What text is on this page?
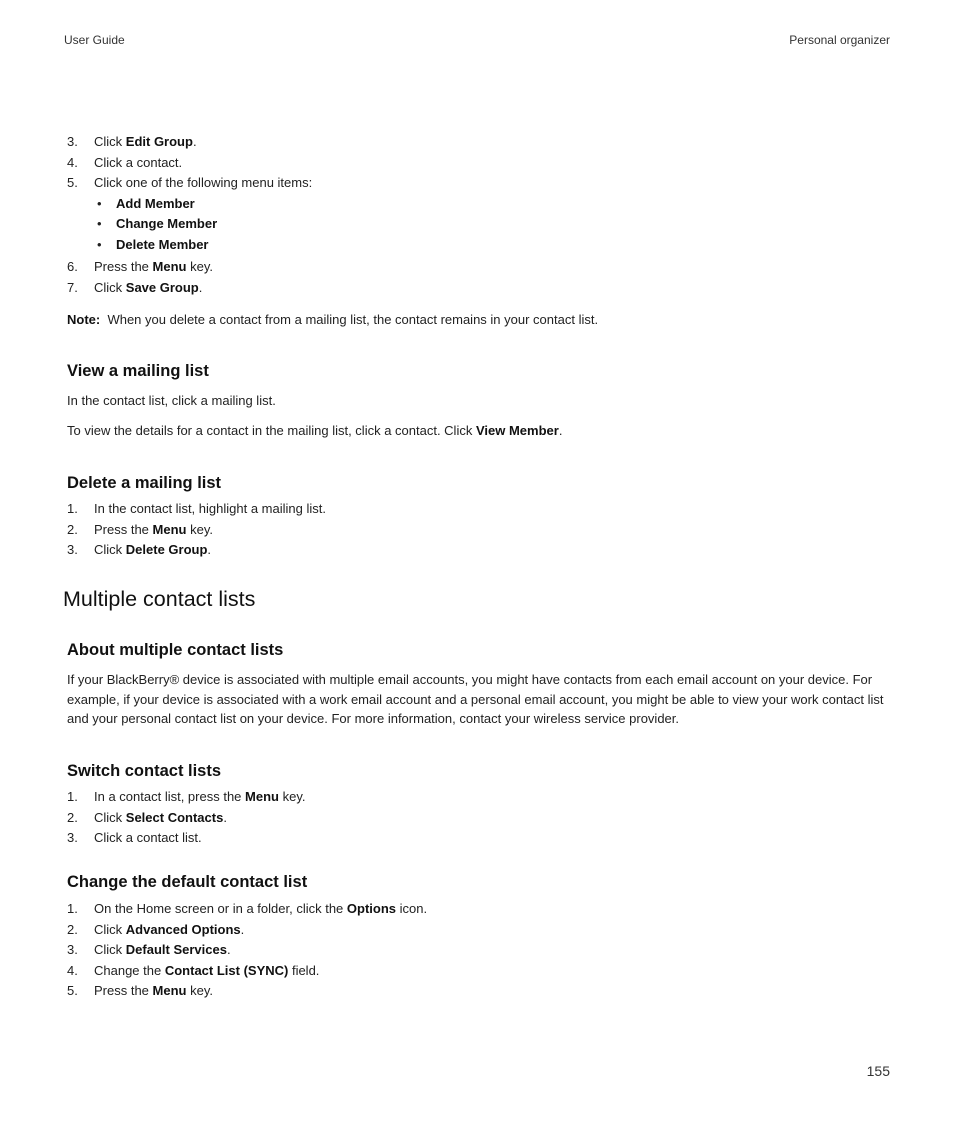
User Guide	Personal organizer
3. Click Edit Group.
4. Click a contact.
5. Click one of the following menu items:
• Add Member
• Change Member
• Delete Member
6. Press the Menu key.
7. Click Save Group.

Note: When you delete a contact from a mailing list, the contact remains in your contact list.

View a mailing list

In the contact list, click a mailing list.

To view the details for a contact in the mailing list, click a contact. Click View Member.

Delete a mailing list
1. In the contact list, highlight a mailing list.
2. Press the Menu key.
3. Click Delete Group.
Multiple contact lists
About multiple contact lists

If your BlackBerry® device is associated with multiple email accounts, you might have contacts from each email account on your device. For example, if your device is associated with a work email account and a personal email account, you might be able to view your work contact list and your personal contact list on your device. For more information, contact your wireless service provider.

Switch contact lists
1. In a contact list, press the Menu key.
2. Click Select Contacts.
3. Click a contact list.
Change the default contact list
1. On the Home screen or in a folder, click the Options icon.
2. Click Advanced Options.
3. Click Default Services.
4. Change the Contact List (SYNC) field.
5. Press the Menu key.
155
